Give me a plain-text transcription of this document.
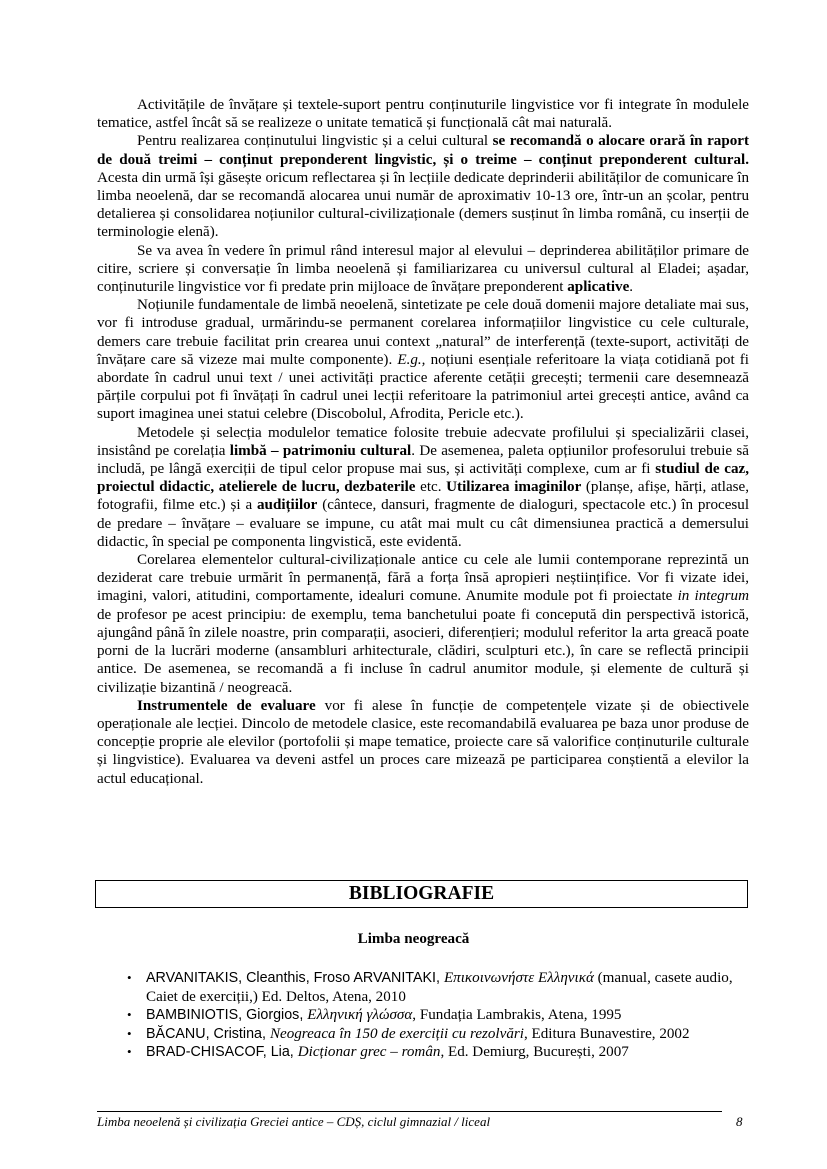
Activitățile de învățare și textele-suport pentru conținuturile lingvistice vor fi integrate în modulele tematice, astfel încât să se realizeze o unitate tematică și funcțională cât mai naturală.

Pentru realizarea conținutului lingvistic și a celui cultural se recomandă o alocare orară în raport de două treimi – conținut preponderent lingvistic, și o treime – conținut preponderent cultural. Acesta din urmă își găsește oricum reflectarea și în lecțiile dedicate deprinderii abilităților de comunicare în limba neoelenă, dar se recomandă alocarea unui număr de aproximativ 10-13 ore, într-un an școlar, pentru detalierea și consolidarea noțiunilor cultural-civilizaționale (demers susținut în limba română, cu inserții de terminologie elenă).

Se va avea în vedere în primul rând interesul major al elevului – deprinderea abilităților primare de citire, scriere și conversație în limba neoelenă și familiarizarea cu universul cultural al Eladei; așadar, conținuturile lingvistice vor fi predate prin mijloace de învățare preponderent aplicative.

Noțiunile fundamentale de limbă neoelenă, sintetizate pe cele două domenii majore detaliate mai sus, vor fi introduse gradual, urmărindu-se permanent corelarea informațiilor lingvistice cu cele culturale, demers care trebuie facilitat prin crearea unui context „natural” de interferență (texte-suport, activități de învățare care să vizeze mai multe componente). E.g., noțiuni esențiale referitoare la viața cotidiană pot fi abordate în cadrul unui text / unei activități practice aferente cetății grecești; termenii care desemnează părțile corpului pot fi învățați în cadrul unei lecții referitoare la patrimoniul artei grecești antice, având ca suport imaginea unei statui celebre (Discobolul, Afrodita, Pericle etc.).

Metodele și selecția modulelor tematice folosite trebuie adecvate profilului și specializării clasei, insistând pe corelația limbă – patrimoniu cultural. De asemenea, paleta opțiunilor profesorului trebuie să includă, pe lângă exerciții de tipul celor propuse mai sus, și activități complexe, cum ar fi studiul de caz, proiectul didactic, atelierele de lucru, dezbaterile etc. Utilizarea imaginilor (planșe, afișe, hărți, atlase, fotografii, filme etc.) și a audițiilor (cântece, dansuri, fragmente de dialoguri, spectacole etc.) în procesul de predare – învățare – evaluare se impune, cu atât mai mult cu cât dimensiunea practică a demersului didactic, în special pe componenta lingvistică, este evidentă.

Corelarea elementelor cultural-civilizaționale antice cu cele ale lumii contemporane reprezintă un deziderat care trebuie urmărit în permanență, fără a forța însă apropieri neștiințifice. Vor fi vizate idei, imagini, valori, atitudini, comportamente, idealuri comune. Anumite module pot fi proiectate in integrum de profesor pe acest principiu: de exemplu, tema banchetului poate fi concepută din perspectivă istorică, ajungând până în zilele noastre, prin comparații, asocieri, diferențieri; modulul referitor la arta greacă poate porni de la lucrări moderne (ansambluri arhitecturale, clădiri, sculpturi etc.), în care se reflectă principii antice. De asemenea, se recomandă a fi incluse în cadrul anumitor module, și elemente de cultură și civilizație bizantină / neogreacă.

Instrumentele de evaluare vor fi alese în funcție de competențele vizate și de obiectivele operaționale ale lecției. Dincolo de metodele clasice, este recomandabilă evaluarea pe baza unor produse de concepție proprie ale elevilor (portofolii și mape tematice, proiecte care să valorifice conținuturile culturale și lingvistice). Evaluarea va deveni astfel un proces care mizează pe participarea conștientă a elevilor la actul educațional.

BIBLIOGRAFIE
Limba neogreacă
• ARVANITAKIS, Cleanthis, Froso ARVANITAKI, Επικοινωνήστε Ελληνικά (manual, casete audio, Caiet de exerciții,) Ed. Deltos, Atena, 2010
• BAMBINIOTIS, Giorgios, Ελληνική γλώσσα, Fundația Lambrakis, Atena, 1995
• BĂCANU, Cristina, Neogreaca în 150 de exerciții cu rezolvări, Editura Bunavestire, 2002
• BRAD-CHISACOF, Lia, Dicționar grec – român, Ed. Demiurg, București, 2007
Limba neoelenă și civilizația Greciei antice – CDȘ, ciclul gimnazial / liceal	8
